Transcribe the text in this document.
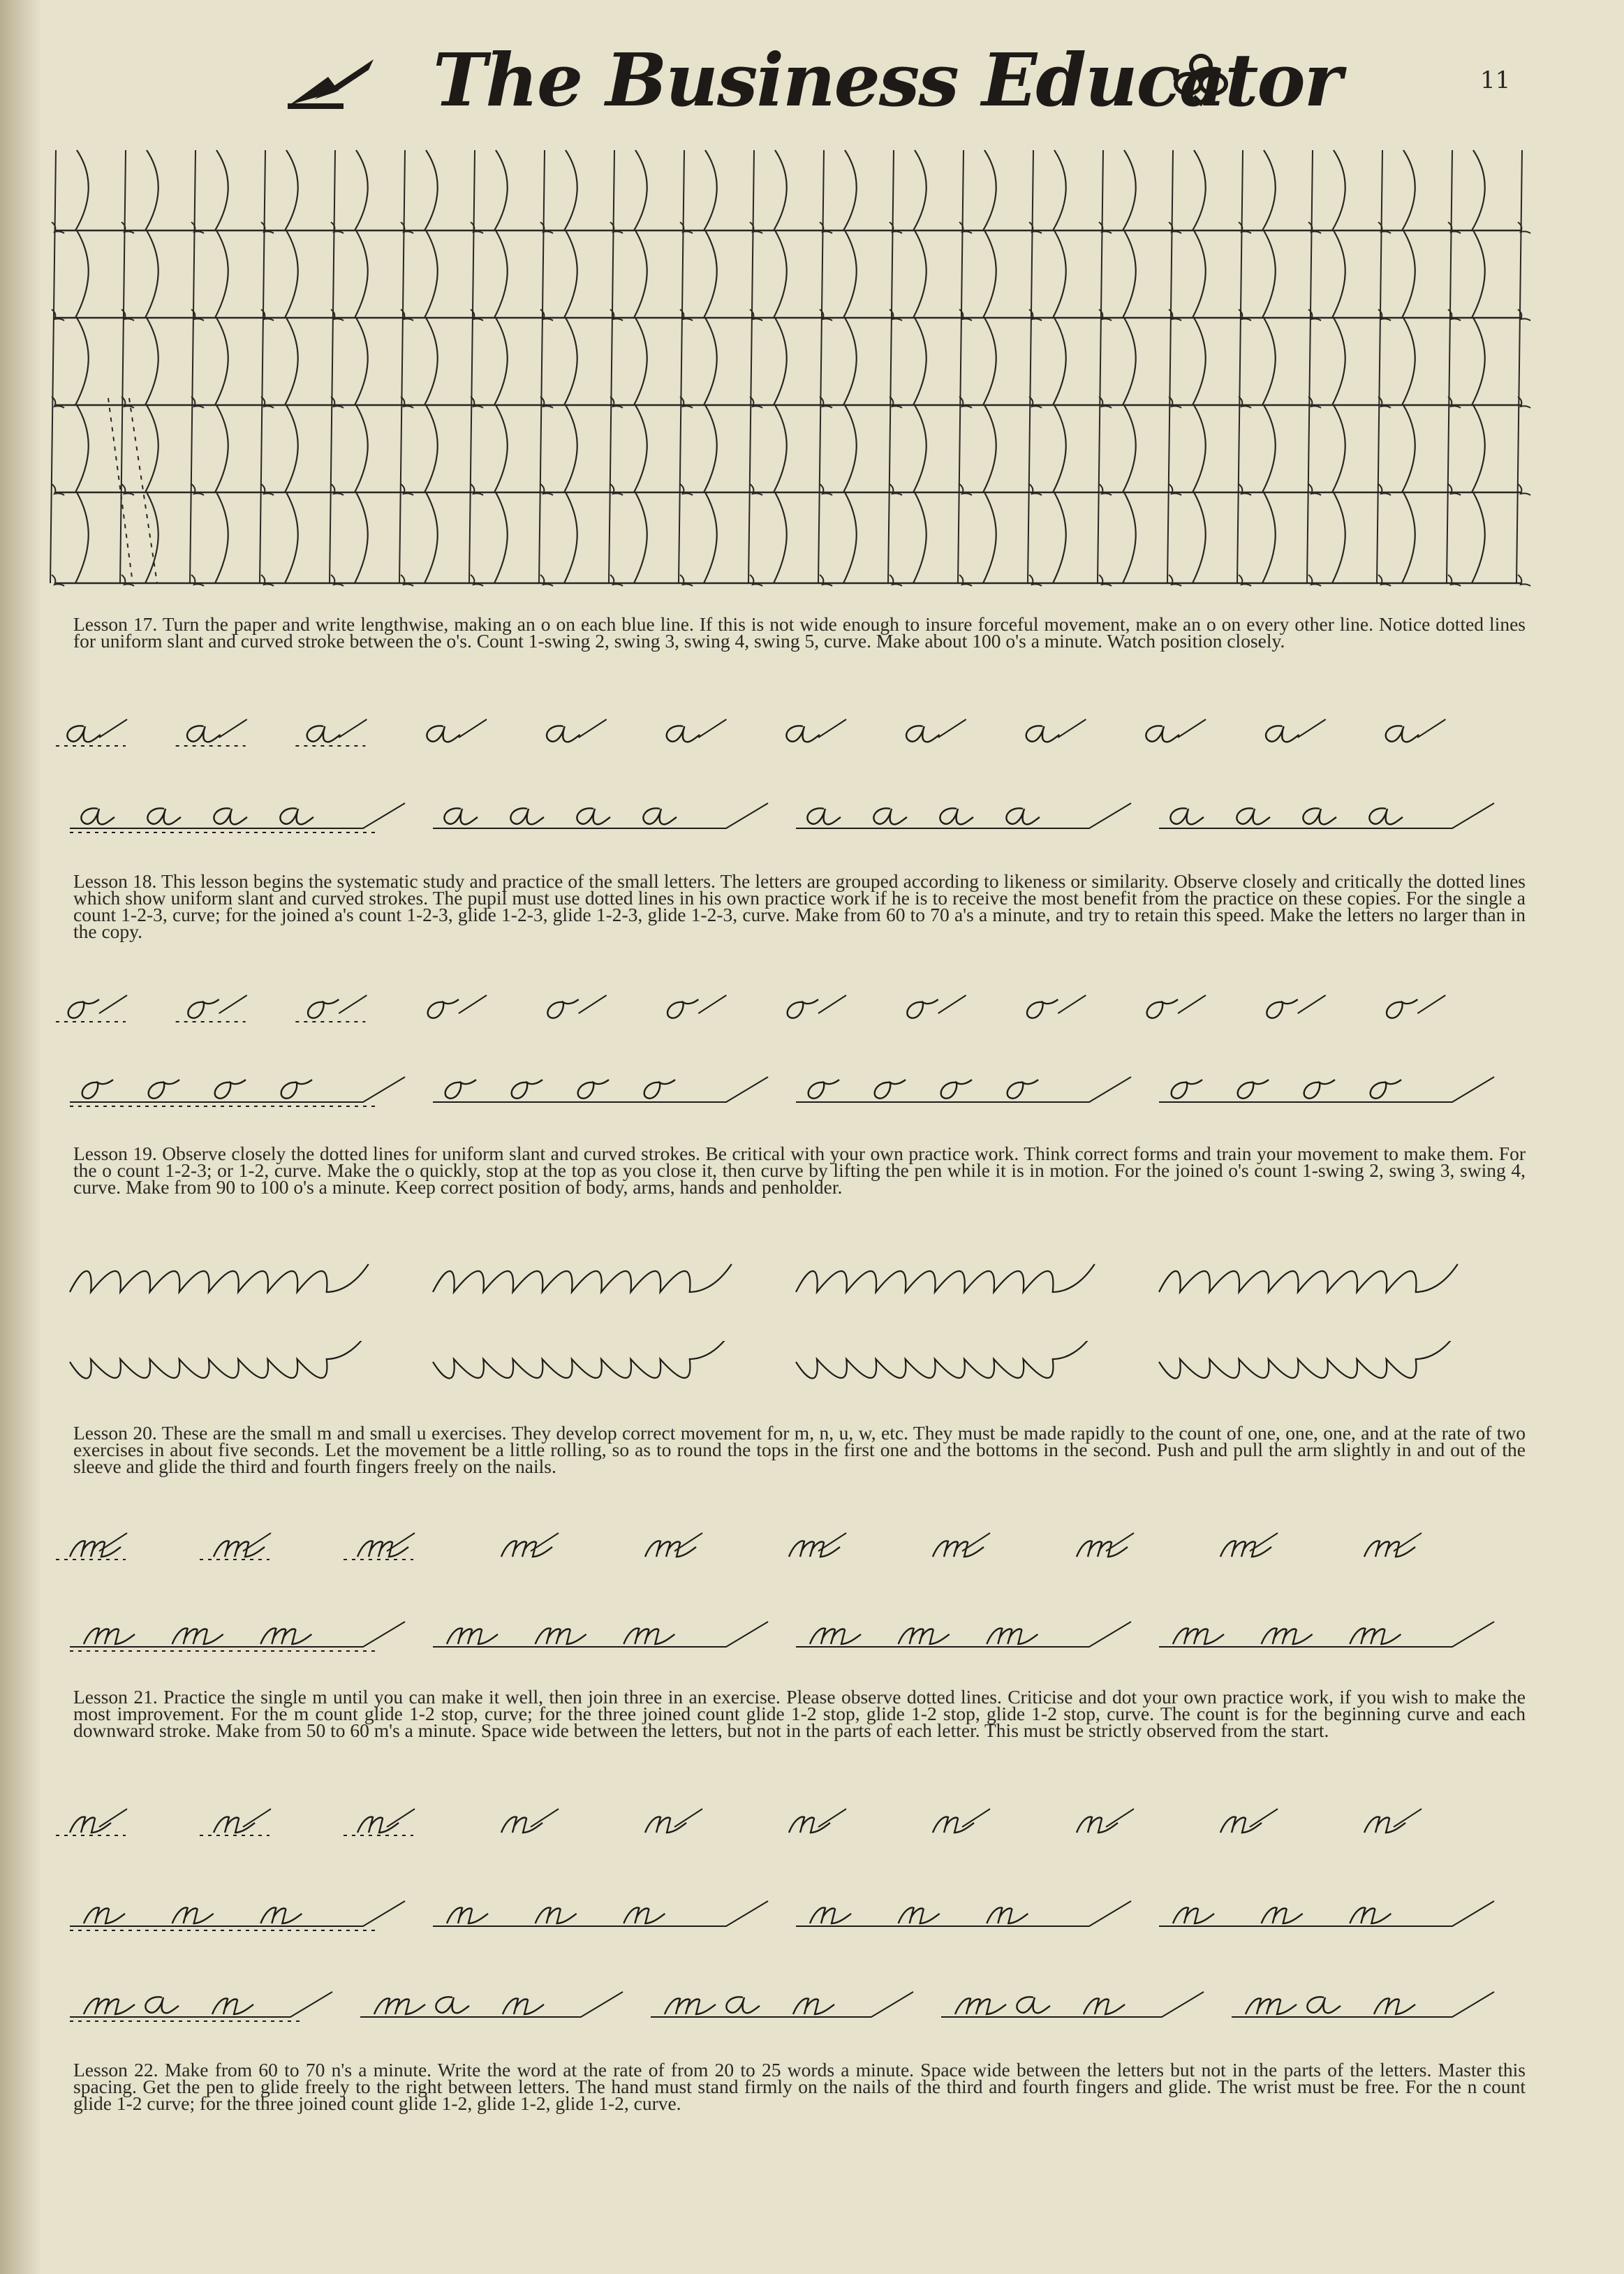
The Business Educator	11
Lesson 17. Turn the paper and write lengthwise, making an o on each blue line. If this is not wide enough to insure forceful movement, make an o on every other line. Notice dotted lines for uniform slant and curved stroke between the o's. Count 1-swing 2, swing 3, swing 4, swing 5, curve. Make about 100 o's a minute. Watch position closely.
Lesson 18. This lesson begins the systematic study and practice of the small letters. The letters are grouped according to likeness or similarity. Observe closely and critically the dotted lines which show uniform slant and curved strokes. The pupil must use dotted lines in his own practice work if he is to receive the most benefit from the practice on these copies. For the single a count 1-2-3, curve; for the joined a's count 1-2-3, glide 1-2-3, glide 1-2-3, glide 1-2-3, curve. Make from 60 to 70 a's a minute, and try to retain this speed. Make the letters no larger than in the copy.
Lesson 19. Observe closely the dotted lines for uniform slant and curved strokes. Be critical with your own practice work. Think correct forms and train your movement to make them. For the o count 1-2-3; or 1-2, curve. Make the o quickly, stop at the top as you close it, then curve by lifting the pen while it is in motion. For the joined o's count 1-swing 2, swing 3, swing 4, curve. Make from 90 to 100 o's a minute. Keep correct position of body, arms, hands and penholder.
Lesson 20. These are the small m and small u exercises. They develop correct movement for m, n, u, w, etc. They must be made rapidly to the count of one, one, one, and at the rate of two exercises in about five seconds. Let the movement be a little rolling, so as to round the tops in the first one and the bottoms in the second. Push and pull the arm slightly in and out of the sleeve and glide the third and fourth fingers freely on the nails.
Lesson 21. Practice the single m until you can make it well, then join three in an exercise. Please observe dotted lines. Criticise and dot your own practice work, if you wish to make the most improvement. For the m count glide 1-2 stop, curve; for the three joined count glide 1-2 stop, glide 1-2 stop, glide 1-2 stop, curve. The count is for the beginning curve and each downward stroke. Make from 50 to 60 m's a minute. Space wide between the letters, but not in the parts of each letter. This must be strictly observed from the start.
Lesson 22. Make from 60 to 70 n's a minute. Write the word at the rate of from 20 to 25 words a minute. Space wide between the letters but not in the parts of the letters. Master this spacing. Get the pen to glide freely to the right between letters. The hand must stand firmly on the nails of the third and fourth fingers and glide. The wrist must be free. For the n count glide 1-2 curve; for the three joined count glide 1-2, glide 1-2, glide 1-2, curve.
